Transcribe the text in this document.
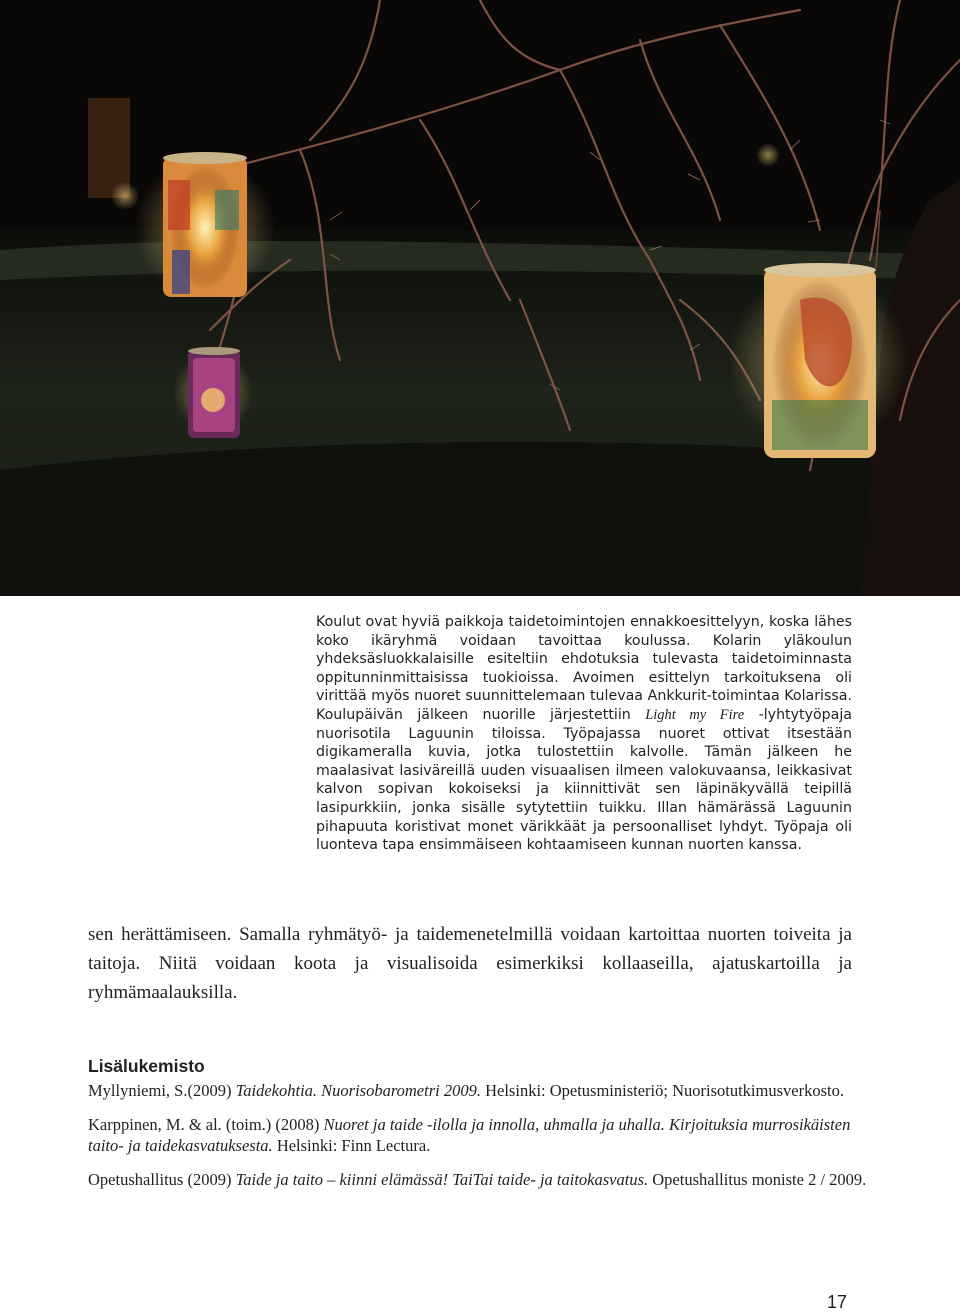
Koulut ovat hyviä paikkoja taidetoimintojen ennakkoesittelyyn, koska lähes koko ikäryhmä voidaan tavoittaa koulussa. Kolarin yläkoulun yhdeksäsluokkalaisille esiteltiin ehdotuksia tulevasta taidetoiminnasta oppitunninmittaisissa tuokioissa. Avoimen esittelyn tarkoituksena oli virittää myös nuoret suunnittelemaan tulevaa Ankkurit-toimintaa Kolarissa. Koulupäivän jälkeen nuorille järjestettiin Light my Fire -lyhtytyöpaja nuorisotila Laguunin tiloissa. Työpajassa nuoret ottivat itsestään digikameralla kuvia, jotka tulostettiin kalvolle. Tämän jälkeen he maalasivat lasiväreillä uuden visuaalisen ilmeen valokuvaansa, leikkasivat kalvon sopivan kokoiseksi ja kiinnittivät sen läpinäkyvällä teipillä lasipurkkiin, jonka sisälle sytytettiin tuikku. Illan hämärässä Laguunin pihapuuta koristivat monet värikkäät ja persoonalliset lyhdyt. Työpaja oli luonteva tapa ensimmäiseen kohtaamiseen kunnan nuorten kanssa.
sen herättämiseen. Samalla ryhmätyö- ja taidemenetelmillä voidaan kartoittaa nuorten toiveita ja taitoja. Niitä voidaan koota ja visualisoida esimerkiksi kollaaseilla, ajatuskartoilla ja ryhmämaalauksilla.
Lisälukemisto

Myllyniemi, S.(2009) Taidekohtia. Nuorisobarometri 2009. Helsinki: Opetusministeriö; Nuorisotutkimusverkosto.

Karppinen, M. & al. (toim.) (2008) Nuoret ja taide -ilolla ja innolla, uhmalla ja uhalla. Kirjoituksia murrosikäisten taito- ja taidekasvatuksesta. Helsinki: Finn Lectura.

Opetushallitus (2009) Taide ja taito – kiinni elämässä! TaiTai taide- ja taitokasvatus. Opetushallitus moniste 2 / 2009.

17
